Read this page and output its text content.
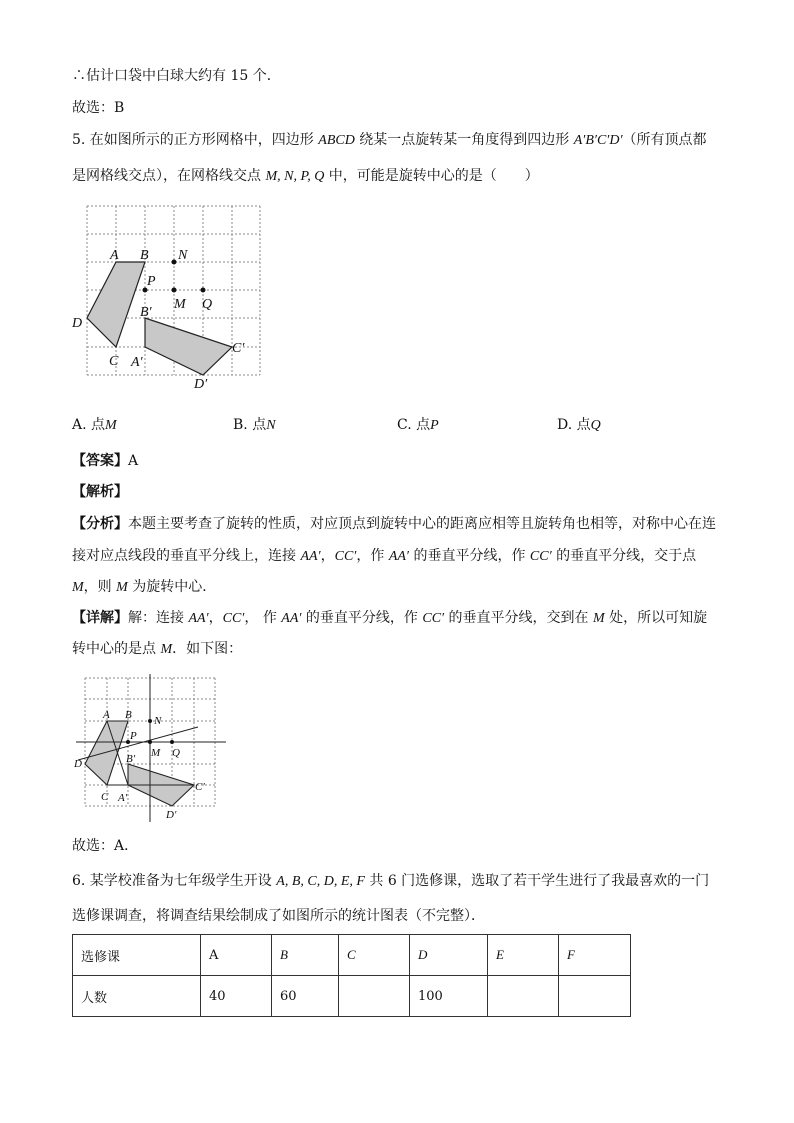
∴估计口袋中白球大约有 15 个．
故选：B
5. 在如图所示的正方形网格中，四边形 ABCD 绕某一点旋转某一角度得到四边形 A′B′C′D′（所有顶点都
是网格线交点），在网格线交点 M, N, P, Q 中，可能是旋转中心的是（　　）
A B N
P
M Q
B′
D
C′
C A′
D′
A. 点M	B. 点N	C. 点P	D. 点Q
【答案】A
【解析】
【分析】本题主要考查了旋转的性质，对应顶点到旋转中心的距离应相等且旋转角也相等，对称中心在连
接对应点线段的垂直平分线上，连接 AA′，CC′，作 AA′ 的垂直平分线，作 CC′ 的垂直平分线，交于点
M，则 M 为旋转中心．
【详解】解：连接 AA′，CC′， 作 AA′ 的垂直平分线，作 CC′ 的垂直平分线，交到在 M 处，所以可知旋
转中心的是点 M．如下图：
A B N
P
M Q
B′
D
C′
C A′
D′
故选：A．
6. 某学校准备为七年级学生开设 A, B, C, D, E, F 共 6 门选修课，选取了若干学生进行了我最喜欢的一门
选修课调查，将调查结果绘制成了如图所示的统计图表（不完整）．
选修课	A	B	C	D	E	F
人数	40	60		100		
